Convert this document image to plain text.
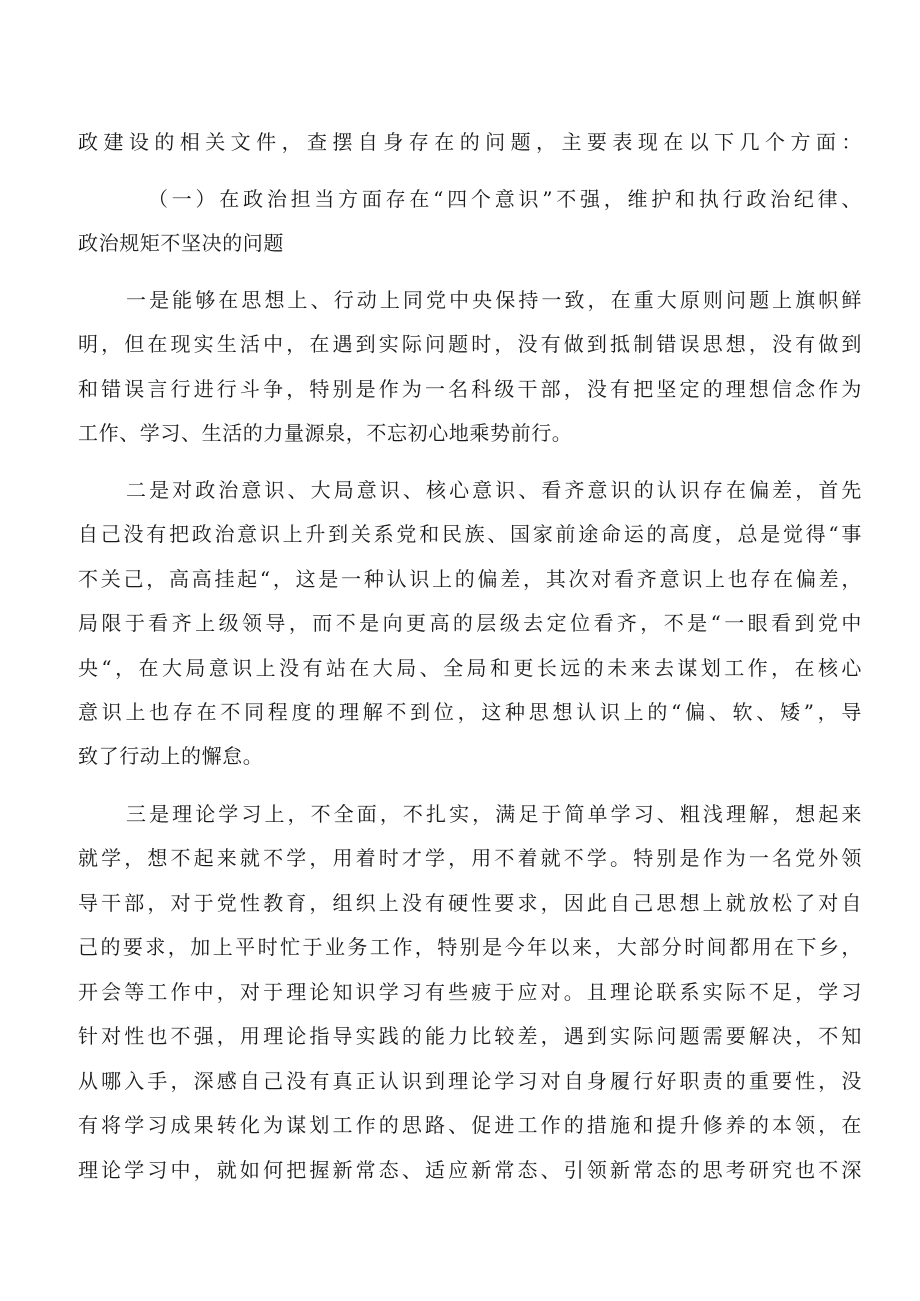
政建设的相关文件，查摆自身存在的问题，主要表现在以下几个方面：
（一）在政治担当方面存在“四个意识”不强，维护和执行政治纪律、
政治规矩不坚决的问题
一是能够在思想上、行动上同党中央保持一致，在重大原则问题上旗帜鲜
明，但在现实生活中，在遇到实际问题时，没有做到抵制错误思想，没有做到
和错误言行进行斗争，特别是作为一名科级干部，没有把坚定的理想信念作为
工作、学习、生活的力量源泉，不忘初心地乘势前行。
二是对政治意识、大局意识、核心意识、看齐意识的认识存在偏差，首先
自己没有把政治意识上升到关系党和民族、国家前途命运的高度，总是觉得“事
不关己，高高挂起“，这是一种认识上的偏差，其次对看齐意识上也存在偏差，
局限于看齐上级领导，而不是向更高的层级去定位看齐，不是“一眼看到党中
央“，在大局意识上没有站在大局、全局和更长远的未来去谋划工作，在核心
意识上也存在不同程度的理解不到位，这种思想认识上的“偏、软、矮”，导
致了行动上的懈怠。
三是理论学习上，不全面，不扎实，满足于简单学习、粗浅理解，想起来
就学，想不起来就不学，用着时才学，用不着就不学。特别是作为一名党外领
导干部，对于党性教育，组织上没有硬性要求，因此自己思想上就放松了对自
己的要求，加上平时忙于业务工作，特别是今年以来，大部分时间都用在下乡，
开会等工作中，对于理论知识学习有些疲于应对。且理论联系实际不足，学习
针对性也不强，用理论指导实践的能力比较差，遇到实际问题需要解决，不知
从哪入手，深感自己没有真正认识到理论学习对自身履行好职责的重要性，没
有将学习成果转化为谋划工作的思路、促进工作的措施和提升修养的本领，在
理论学习中，就如何把握新常态、适应新常态、引领新常态的思考研究也不深
